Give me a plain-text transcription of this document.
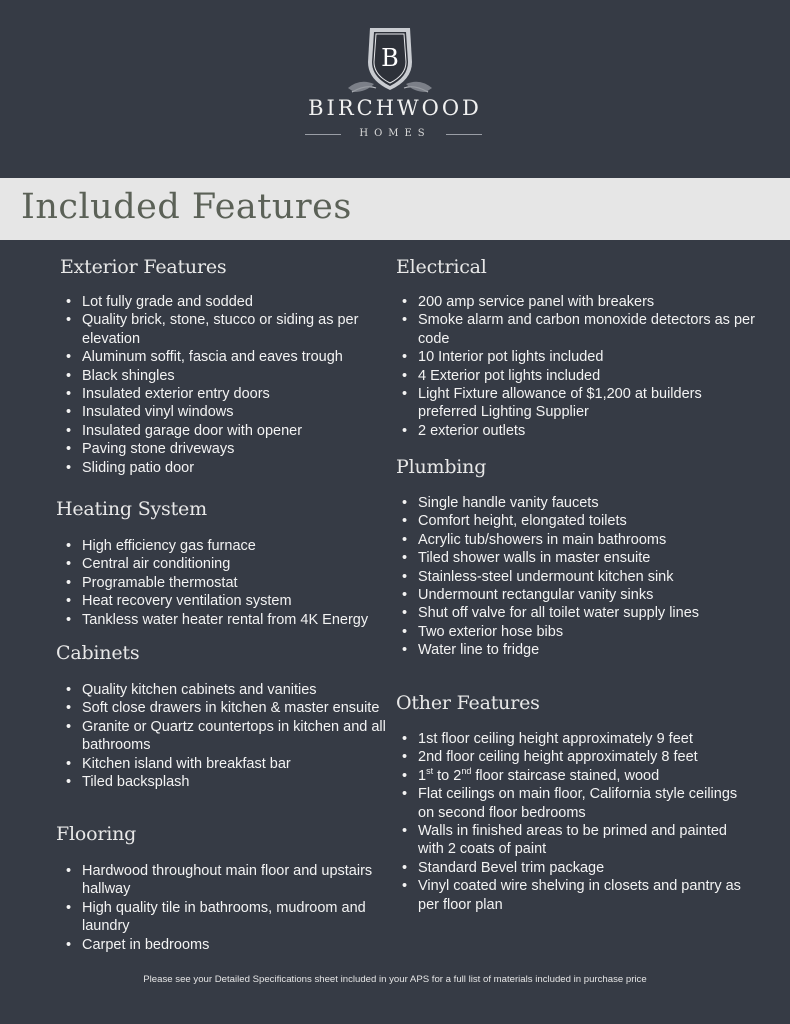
B
BIRCHWOOD
HOMES
Included Features
Exterior Features
• Lot fully grade and sodded
• Quality brick, stone, stucco or siding as per elevation
• Aluminum soffit, fascia and eaves trough
• Black shingles
• Insulated exterior entry doors
• Insulated vinyl windows
• Insulated garage door with opener
• Paving stone driveways
• Sliding patio door
Heating System
• High efficiency gas furnace
• Central air conditioning
• Programable thermostat
• Heat recovery ventilation system
• Tankless water heater rental from 4K Energy
Cabinets
• Quality kitchen cabinets and vanities
• Soft close drawers in kitchen & master ensuite
• Granite or Quartz countertops in kitchen and all bathrooms
• Kitchen island with breakfast bar
• Tiled backsplash
Flooring
• Hardwood throughout main floor and upstairs hallway
• High quality tile in bathrooms, mudroom and laundry
• Carpet in bedrooms
Electrical
• 200 amp service panel with breakers
• Smoke alarm and carbon monoxide detectors as per code
• 10 Interior pot lights included
• 4 Exterior pot lights included
• Light Fixture allowance of $1,200 at builders preferred Lighting Supplier
• 2 exterior outlets
Plumbing
• Single handle vanity faucets
• Comfort height, elongated toilets
• Acrylic tub/showers in main bathrooms
• Tiled shower walls in master ensuite
• Stainless-steel undermount kitchen sink
• Undermount rectangular vanity sinks
• Shut off valve for all toilet water supply lines
• Two exterior hose bibs
• Water line to fridge
Other Features
• 1st floor ceiling height approximately 9 feet
• 2nd floor ceiling height approximately 8 feet
• 1st to 2nd floor staircase stained, wood
• Flat ceilings on main floor, California style ceilings on second floor bedrooms
• Walls in finished areas to be primed and painted with 2 coats of paint
• Standard Bevel trim package
• Vinyl coated wire shelving in closets and pantry as per floor plan
Please see your Detailed Specifications sheet included in your APS for a full list of materials included in purchase price
